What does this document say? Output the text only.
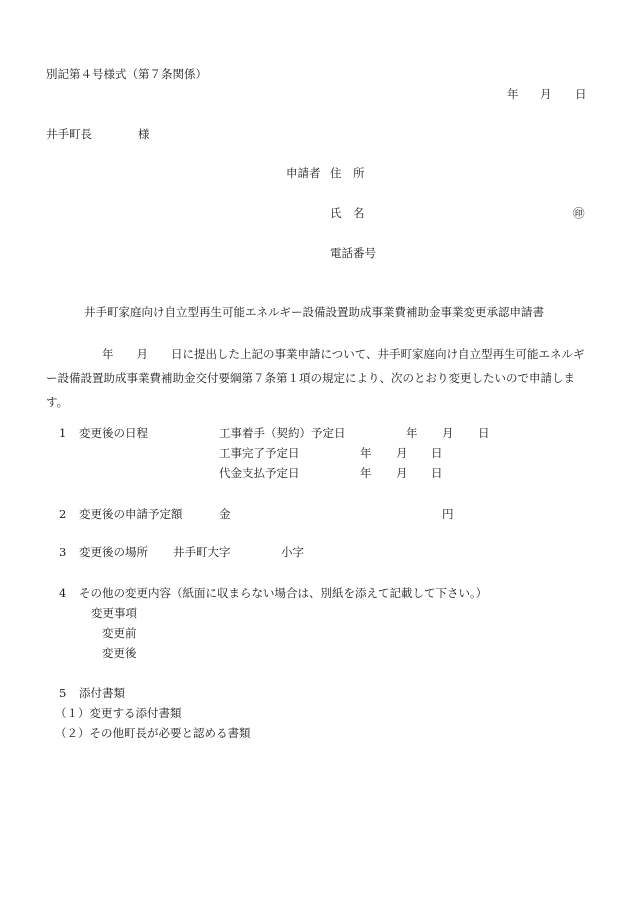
別記第４号様式（第７条関係）
年 月 日
井手町長	様
申請者 住　所
氏　名	㊞
電話番号
井手町家庭向け自立型再生可能エネルギー設備設置助成事業費補助金事業変更承認申請書
年 月 日に提出した上記の事業申請について、井手町家庭向け自立型再生可能エネルギー設備設置助成事業費補助金交付要綱第７条第１項の規定により、次のとおり変更したいので申請します。
1 変更後の日程	工事着手（契約）予定日	年 月 日
工事完了予定日	年 月 日
代金支払予定日	年 月 日
2 変更後の申請予定額	金	円
3 変更後の場所 井手町大字	小字
4 その他の変更内容（紙面に収まらない場合は、別紙を添えて記載して下さい。）
変更事項
変更前
変更後
5 添付書類
（１）変更する添付書類
（２）その他町長が必要と認める書類
